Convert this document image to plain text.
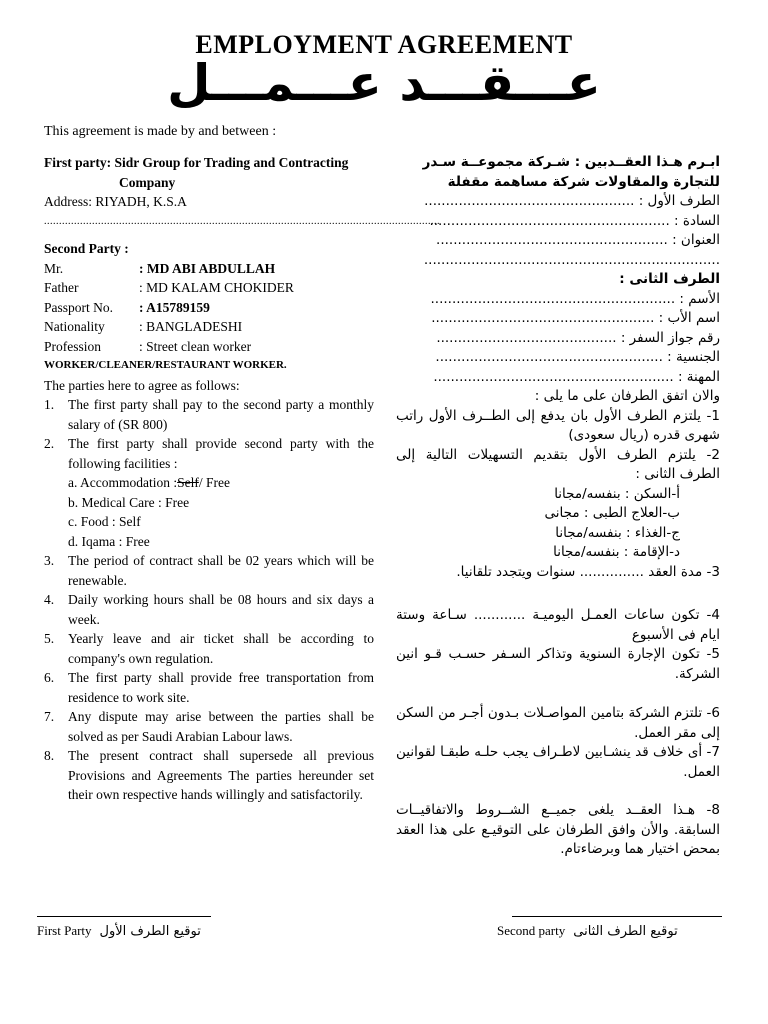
EMPLOYMENT AGREEMENT
عـــقـــد عـــمـــل
This agreement is made by and between :
First party: Sidr Group for Trading and Contracting
Company
Address: RIYADH, K.S.A
....................................................................................................................................
Second Party :
Mr.	: MD ABI ABDULLAH
Father	: MD KALAM CHOKIDER
Passport No.	: A15789159
Nationality	: BANGLADESHI
Profession	: Street clean worker
WORKER/CLEANER/RESTAURANT WORKER.
The parties here to agree as follows:
1.	The first party shall pay to the second party a monthly salary of (SR 800)
2.	The first party shall provide second party with the following facilities :
a. Accommodation : Self / Free
b. Medical Care : Free
c. Food : Self
d. Iqama : Free
3.	The period of contract shall be 02 years which will be renewable.
4.	Daily working hours shall be 08 hours and six days a week.
5.	Yearly leave and air ticket shall be according to company's own regulation.
6.	The first party shall provide free transportation from residence to work site.
7.	Any dispute may arise between the parties shall be solved as per Saudi Arabian Labour laws.
8.	The present contract shall supersede all previous Provisions and Agreements The parties hereunder set their own respective hands willingly and satisfactorily.
ابـرم هـذا العقــدبين : شـركة مجموعــة سـدر
للتجارة والمقاولات شركة مساهمة مقفلة
الطرف الأول : .................................................
السادة : ........................................................
العنوان : ......................................................
.....................................................................
الطرف الثانى :
الأسم : .........................................................
اسم الأب : ....................................................
رقم جواز السفر : ..........................................
الجنسية : .....................................................
المهنة : ........................................................
والان اتفق الطرفان على ما يلى :
1- يلتزم الطرف الأول بان يدفع إلى الطــرف الأول راتب شهرى قدره (ريال سعودى)
2- يلتزم الطرف الأول بتقديم التسهيلات التالية إلى الطرف الثانى :
أ-السكن : بنفسه/مجانا
ب-العلاج الطبى : مجانى
ج-الغذاء : بنفسه/مجانا
د-الإقامة : بنفسه/مجانا
3- مدة العقد ............... سنوات ويتجدد تلقانيا.
4- تكون ساعات العمـل اليوميـة ............ سـاعة وستة ايام فى الأسبوع
5- تكون الإجارة السنوية وتذاكر السـفر حسـب قـو انين الشركة.
6- تلتزم الشركة بتامين المواصـلات بـدون أجـر من السكن إلى مقر العمل.
7- أى خلاف قد ينشـابين لاطـراف يجب حلـه طبقـا لقوانين العمل.
8- هـذا العقــد يلغى جميــع الشــروط والاتفاقيــات السابقة. والأن وافق الطرفان على التوقيـع على هذا العقد بمحض اختيار هما وبرضاءتام.
First Party توقيع الطرف الأول	Second party توقيع الطرف الثانى
